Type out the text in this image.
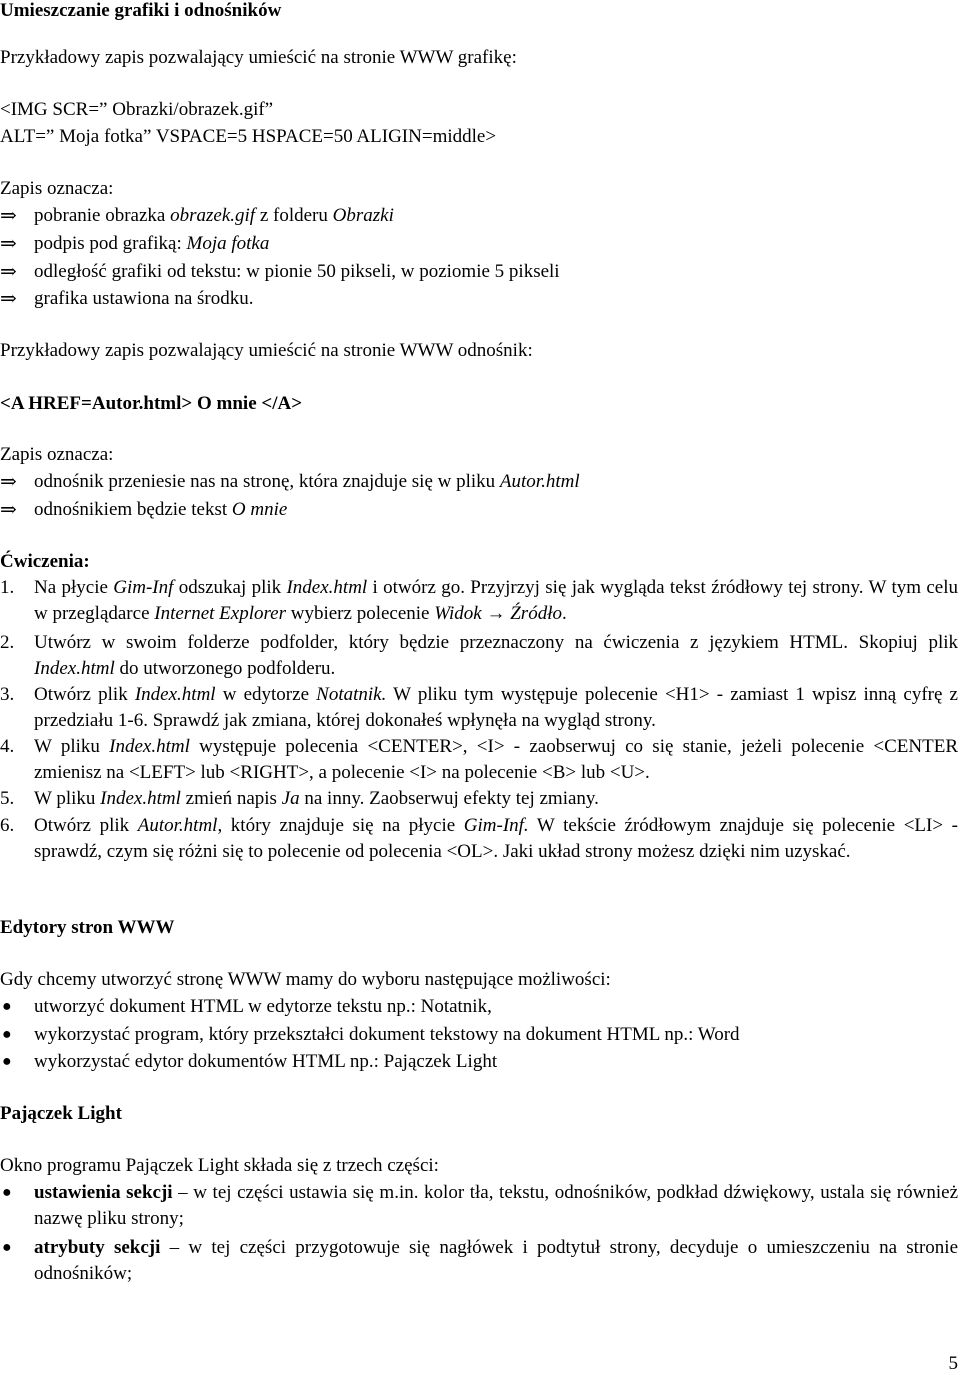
Umieszczanie grafiki i odnośników
Przykładowy zapis pozwalający umieścić na stronie WWW grafikę:
<IMG SCR=” Obrazki/obrazek.gif”
ALT=” Moja fotka” VSPACE=5 HSPACE=50 ALIGIN=middle>
Zapis oznacza:
⇒ pobranie obrazka obrazek.gif z folderu Obrazki
⇒ podpis pod grafiką: Moja fotka
⇒ odległość grafiki od tekstu: w pionie 50 pikseli, w poziomie 5 pikseli
⇒ grafika ustawiona na środku.
Przykładowy zapis pozwalający umieścić na stronie WWW odnośnik:
<A HREF=Autor.html> O mnie </A>
Zapis oznacza:
⇒ odnośnik przeniesie nas na stronę, która znajduje się w pliku Autor.html
⇒ odnośnikiem będzie tekst O mnie
Ćwiczenia:
1. Na płycie Gim-Inf odszukaj plik Index.html i otwórz go. Przyjrzyj się jak wygląda tekst źródłowy tej strony. W tym celu w przeglądarce Internet Explorer wybierz polecenie Widok → Źródło.
2. Utwórz w swoim folderze podfolder, który będzie przeznaczony na ćwiczenia z językiem HTML. Skopiuj plik Index.html do utworzonego podfolderu.
3. Otwórz plik Index.html w edytorze Notatnik. W pliku tym występuje polecenie <H1> - zamiast 1 wpisz inną cyfrę z przedziału 1-6. Sprawdź jak zmiana, której dokonałeś wpłynęła na wygląd strony.
4. W pliku Index.html występuje polecenia <CENTER>, <I> - zaobserwuj co się stanie, jeżeli polecenie <CENTER zmienisz na <LEFT> lub <RIGHT>, a polecenie <I> na polecenie <B> lub <U>.
5. W pliku Index.html zmień napis Ja na inny. Zaobserwuj efekty tej zmiany.
6. Otwórz plik Autor.html, który znajduje się na płycie Gim-Inf. W tekście źródłowym znajduje się polecenie <LI> - sprawdź, czym się różni się to polecenie od polecenia <OL>. Jaki układ strony możesz dzięki nim uzyskać.
Edytory stron WWW
Gdy chcemy utworzyć stronę WWW mamy do wyboru następujące możliwości:
● utworzyć dokument HTML w edytorze tekstu np.: Notatnik,
● wykorzystać program, który przekształci dokument tekstowy na dokument HTML np.: Word
● wykorzystać edytor dokumentów HTML np.: Pajączek Light
Pajączek Light
Okno programu Pajączek Light składa się z trzech części:
● ustawienia sekcji – w tej części ustawia się m.in. kolor tła, tekstu, odnośników, podkład dźwiękowy, ustala się również nazwę pliku strony;
● atrybuty sekcji – w tej części przygotowuje się nagłówek i podtytuł strony, decyduje o umieszczeniu na stronie odnośników;
5
